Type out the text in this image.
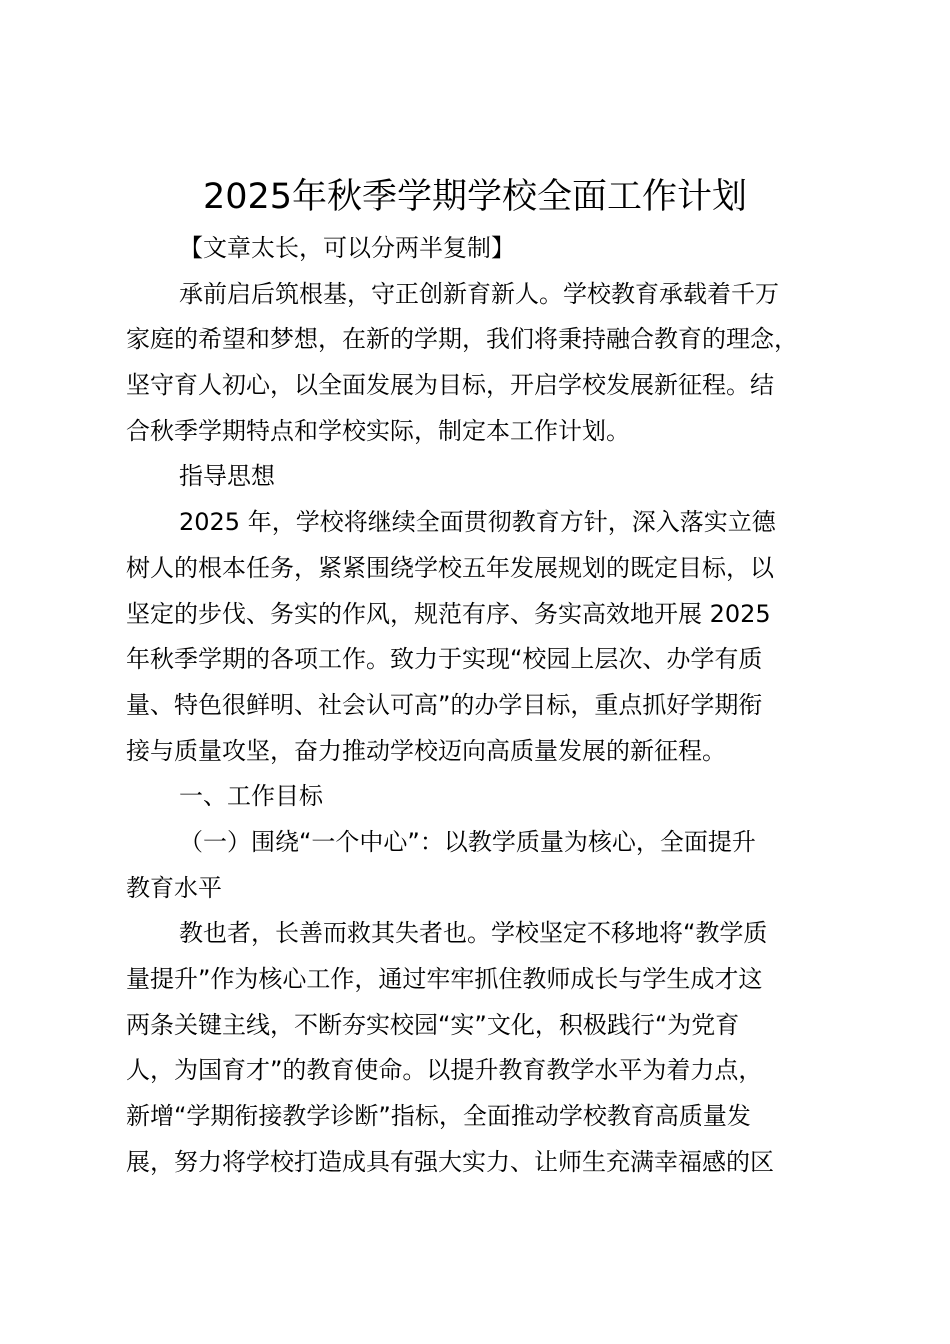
2025年秋季学期学校全面工作计划
【文章太长，可以分两半复制】
承前启后筑根基，守正创新育新人。学校教育承载着千万
家庭的希望和梦想，在新的学期，我们将秉持融合教育的理念，
坚守育人初心，以全面发展为目标，开启学校发展新征程。结
合秋季学期特点和学校实际，制定本工作计划。
指导思想
2025 年，学校将继续全面贯彻教育方针，深入落实立德
树人的根本任务，紧紧围绕学校五年发展规划的既定目标，以
坚定的步伐、务实的作风，规范有序、务实高效地开展 2025
年秋季学期的各项工作。致力于实现“校园上层次、办学有质
量、特色很鲜明、社会认可高”的办学目标，重点抓好学期衔
接与质量攻坚，奋力推动学校迈向高质量发展的新征程。
一、工作目标
（一）围绕“一个中心”：以教学质量为核心，全面提升
教育水平
教也者，长善而救其失者也。学校坚定不移地将“教学质
量提升”作为核心工作，通过牢牢抓住教师成长与学生成才这
两条关键主线，不断夯实校园“实”文化，积极践行“为党育
人，为国育才”的教育使命。以提升教育教学水平为着力点，
新增“学期衔接教学诊断”指标，全面推动学校教育高质量发
展，努力将学校打造成具有强大实力、让师生充满幸福感的区
